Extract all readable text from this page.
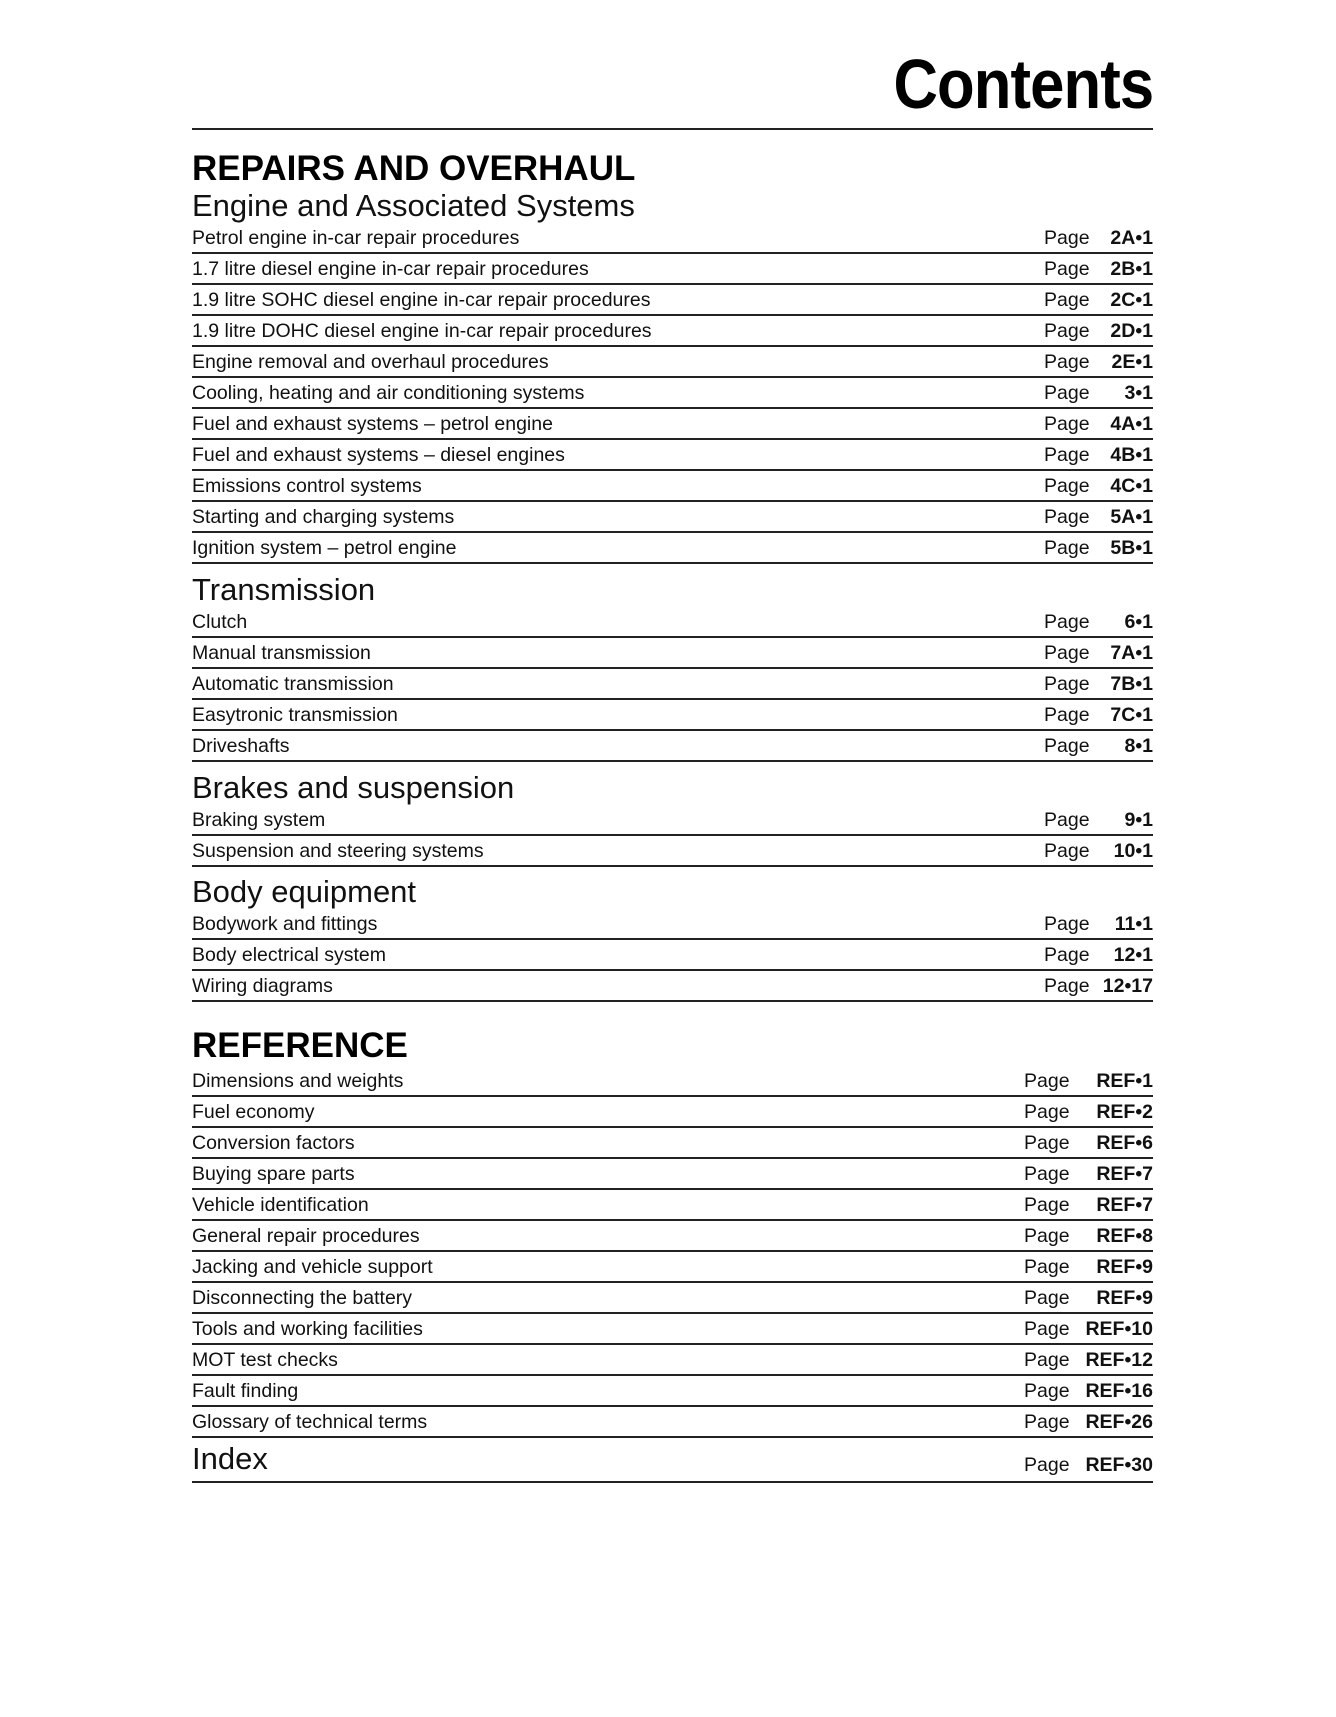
Contents
REPAIRS AND OVERHAUL
Engine and Associated Systems
Petrol engine in-car repair procedures	Page 2A•1
1.7 litre diesel engine in-car repair procedures	Page 2B•1
1.9 litre SOHC diesel engine in-car repair procedures	Page 2C•1
1.9 litre DOHC diesel engine in-car repair procedures	Page 2D•1
Engine removal and overhaul procedures	Page 2E•1
Cooling, heating and air conditioning systems	Page 3•1
Fuel and exhaust systems – petrol engine	Page 4A•1
Fuel and exhaust systems – diesel engines	Page 4B•1
Emissions control systems	Page 4C•1
Starting and charging systems	Page 5A•1
Ignition system – petrol engine	Page 5B•1
Transmission
Clutch	Page 6•1
Manual transmission	Page 7A•1
Automatic transmission	Page 7B•1
Easytronic transmission	Page 7C•1
Driveshafts	Page 8•1
Brakes and suspension
Braking system	Page 9•1
Suspension and steering systems	Page 10•1
Body equipment
Bodywork and fittings	Page 11•1
Body electrical system	Page 12•1
Wiring diagrams	Page 12•17
REFERENCE
Dimensions and weights	Page REF•1
Fuel economy	Page REF•2
Conversion factors	Page REF•6
Buying spare parts	Page REF•7
Vehicle identification	Page REF•7
General repair procedures	Page REF•8
Jacking and vehicle support	Page REF•9
Disconnecting the battery	Page REF•9
Tools and working facilities	Page REF•10
MOT test checks	Page REF•12
Fault finding	Page REF•16
Glossary of technical terms	Page REF•26
Index	Page REF•30
